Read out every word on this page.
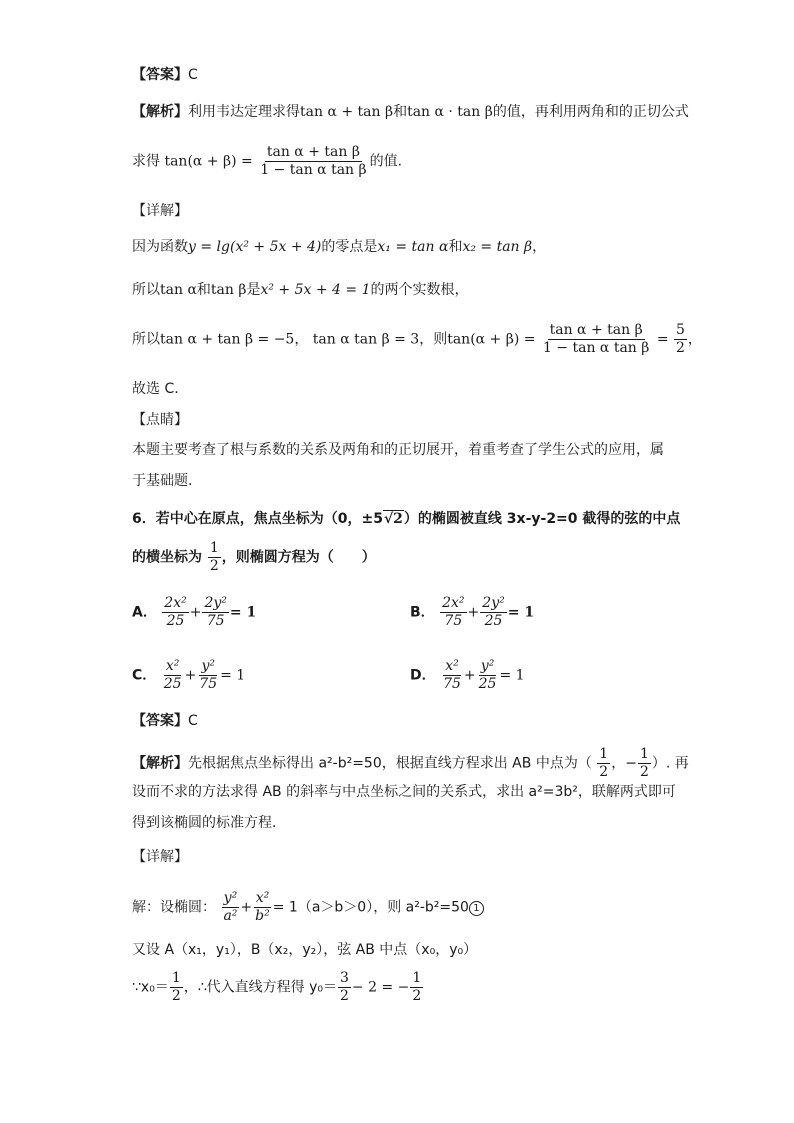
【答案】C
【解析】利用韦达定理求得tan α + tan β和tan α · tan β的值，再利用两角和的正切公式
求得 $\tan(\alpha + \beta) = \frac{\text{tan α + tan β}}{\text{1 − tan α tan β}}$ 的值.
【详解】
因为函数y = lg(x² + 5x + 4)的零点是x₁ = tan α和x₂ = tan β，
所以tan α和tan β是x² + 5x + 4 = 1的两个实数根，
所以tan α + tan β = −5， tan α tan β = 3，则$\tan(\alpha + \beta) = \frac{\text{tan α + tan β}}{\text{1 − tan α tan β}} = \frac{5}{2}$ ，
故选 C.
【点睛】
本题主要考查了根与系数的关系及两角和的正切展开，着重考查了学生公式的应用，属
于基础题.
6．若中心在原点，焦点坐标为（0，±5√2）的椭圆被直线 3x-y-2=0 截得的弦的中点
的横坐标为 $\frac{1}{2}$ ，则椭圆方程为（　　）
A． $\frac{\text{2x²}}{25} + \frac{\text{2y²}}{75} = 1$	B． $\frac{\text{2x²}}{75} + \frac{\text{2y²}}{25} = 1$
C． $\frac{\text{x²}}{25} + \frac{\text{y²}}{75} = 1$	D． $\frac{\text{x²}}{75} + \frac{\text{y²}}{25} = 1$
【答案】C
【解析】先根据焦点坐标得出 a²-b²=50，根据直线方程求出 AB 中点为（ $\frac{1}{2}$ ，− $\frac{1}{2}$ ）. 再
设而不求的方法求得 AB 的斜率与中点坐标之间的关系式，求出 a²=3b²，联解两式即可
得到该椭圆的标准方程．
【详解】
解：设椭圆： $\frac{\text{y²}}{\text{a²}} + \frac{\text{x²}}{\text{b²}} = 1(a>b>0)$，则 a²-b²=50 1
又设 A（x₁，y₁），B（x₂，y₂），弦 AB 中点（x₀，y₀）
∵x₀＝ $\frac{1}{2}$ ，∴代入直线方程得 $y_0= \frac{3}{2} - 2$ = − $\frac{1}{2}$
